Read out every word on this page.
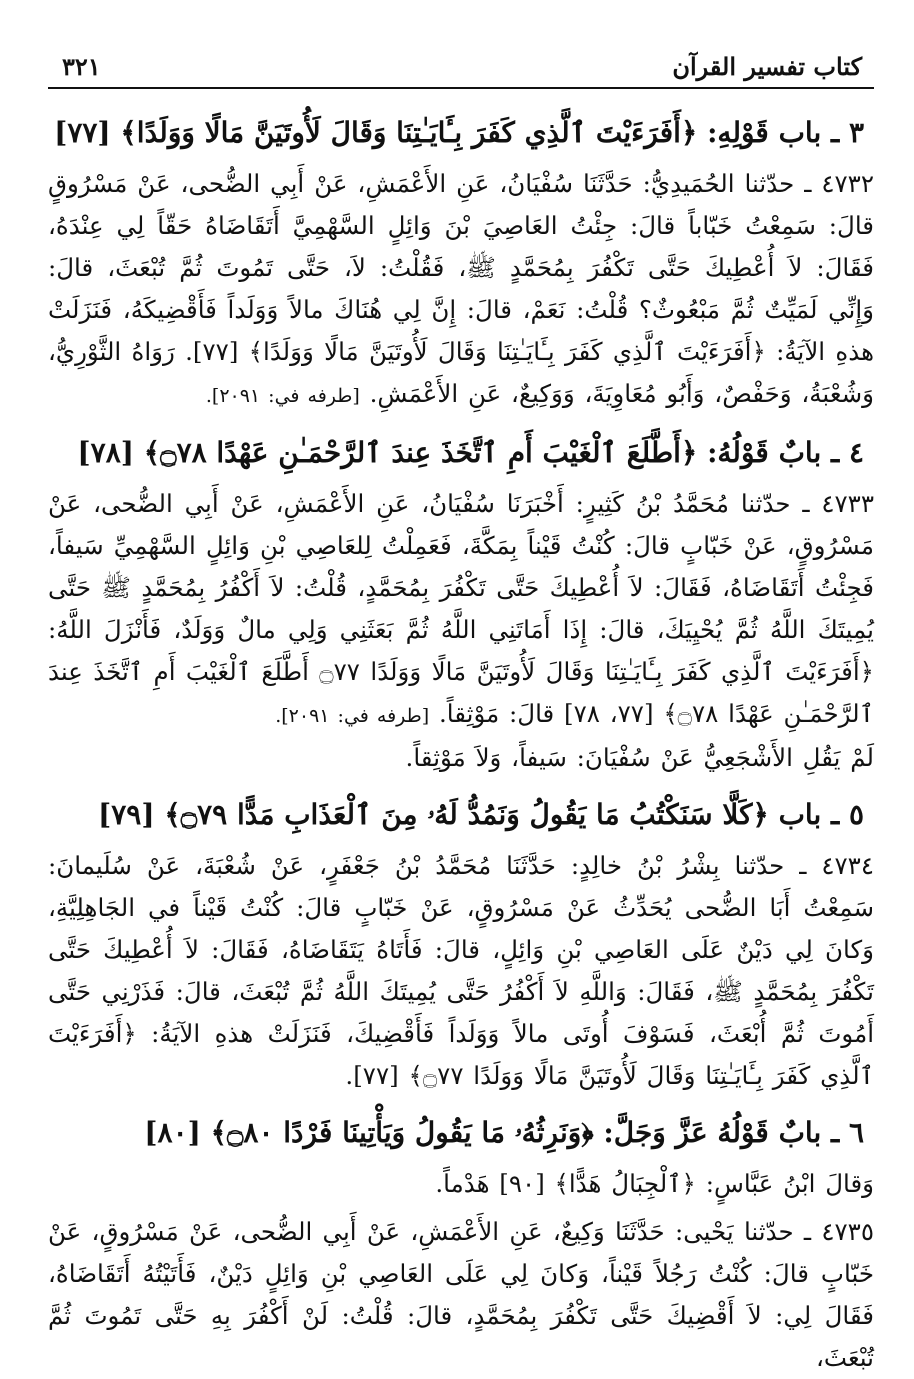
كتاب تفسير القرآن
٣٢١
٣ ـ باب قَوْلِهِ: ﴿أَفَرَءَيْتَ ٱلَّذِي كَفَرَ بِـَٔايَـٰتِنَا وَقَالَ لَأُوتَيَنَّ مَالًا وَوَلَدًا﴾ [٧٧]

٤٧٣٢ ـ حدّثنا الحُمَيدِيُّ: حَدَّثَنَا سُفْيَانُ، عَنِ الأَعْمَشِ، عَنْ أَبِي الضُّحى، عَنْ مَسْرُوقٍ قالَ: سَمِعْتُ خَبّاباً قالَ: جِئْتُ العَاصِيَ بْنَ وَائِلٍ السَّهْمِيَّ أَتَقَاضَاهُ حَقّاً لِي عِنْدَهُ، فَقَالَ: لاَ أُعْطِيكَ حَتَّى تَكْفُرَ بِمُحَمَّدٍ ﷺ، فَقُلْتُ: لاَ، حَتَّى تَمُوتَ ثُمَّ تُبْعَثَ، قالَ: وَإِنِّي لَمَيِّتٌ ثُمَّ مَبْعُوثٌ؟ قُلْتُ: نَعَمْ، قالَ: إِنَّ لِي هُنَاكَ مالاً وَوَلَداً فَأَقْضِيكَهُ، فَنَزَلَتْ هذهِ الآيَةُ: ﴿أَفَرَءَيْتَ ٱلَّذِي كَفَرَ بِـَٔايَـٰتِنَا وَقَالَ لَأُوتَيَنَّ مَالًا وَوَلَدًا﴾ [٧٧]. رَوَاهُ الثَّوْرِيُّ، وَشُعْبَةُ، وَحَفْصٌ، وَأَبُو مُعَاوِيَةَ، وَوَكِيعٌ، عَنِ الأَعْمَشِ. [طرفه في: ٢٠٩١].

٤ ـ بابٌ قَوْلُهُ: ﴿أَطَّلَعَ ٱلْغَيْبَ أَمِ ٱتَّخَذَ عِندَ ٱلرَّحْمَـٰنِ عَهْدًا ۝٧٨﴾ [٧٨]

٤٧٣٣ ـ حدّثنا مُحَمَّدُ بْنُ كَثِيرٍ: أَخْبَرَنَا سُفْيَانُ، عَنِ الأَعْمَشِ، عَنْ أَبِي الضُّحى، عَنْ مَسْرُوقٍ، عَنْ خَبّابٍ قالَ: كُنْتُ قَيْناً بِمَكَّةَ، فَعَمِلْتُ لِلعَاصِي بْنِ وَائِلٍ السَّهْمِيِّ سَيفاً، فَجِئْتُ أَتَقَاضَاهُ، فَقَالَ: لاَ أُعْطِيكَ حَتَّى تَكْفُرَ بِمُحَمَّدٍ، قُلْتُ: لاَ أَكْفُرُ بِمُحَمَّدٍ ﷺ حَتَّى يُمِيتَكَ اللَّهُ ثُمَّ يُحْيِيَكَ، قالَ: إِذَا أَمَاتَنِي اللَّهُ ثُمَّ بَعَثَنِي وَلِي مالٌ وَوَلَدٌ، فَأَنْزَلَ اللَّهُ: ﴿أَفَرَءَيْتَ ٱلَّذِي كَفَرَ بِـَٔايَـٰتِنَا وَقَالَ لَأُوتَيَنَّ مَالًا وَوَلَدًا ۝٧٧ أَطَّلَعَ ٱلْغَيْبَ أَمِ ٱتَّخَذَ عِندَ ٱلرَّحْمَـٰنِ عَهْدًا ۝٧٨﴾ [٧٧، ٧٨] قالَ: مَوْثِقاً. [طرفه في: ٢٠٩١].

لَمْ يَقُلِ الأَشْجَعِيُّ عَنْ سُفْيَانَ: سَيفاً، وَلاَ مَوْثِقاً.

٥ ـ باب ﴿كَلَّا سَنَكْتُبُ مَا يَقُولُ وَنَمُدُّ لَهُۥ مِنَ ٱلْعَذَابِ مَدًّا ۝٧٩﴾ [٧٩]

٤٧٣٤ ـ حدّثنا بِشْرُ بْنُ خالِدٍ: حَدَّثَنَا مُحَمَّدُ بْنُ جَعْفَرٍ، عَنْ شُعْبَةَ، عَنْ سُلَيمانَ: سَمِعْتُ أَبَا الضُّحى يُحَدِّثُ عَنْ مَسْرُوقٍ، عَنْ خَبّابٍ قالَ: كُنْتُ قَيْناً في الجَاهِلِيَّةِ، وَكانَ لِي دَيْنٌ عَلَى العَاصِي بْنِ وَائِلٍ، قالَ: فَأَتَاهُ يَتَقَاضَاهُ، فَقَالَ: لاَ أُعْطِيكَ حَتَّى تَكْفُرَ بِمُحَمَّدٍ ﷺ، فَقَالَ: وَاللَّهِ لاَ أَكْفُرُ حَتَّى يُمِيتَكَ اللَّهُ ثُمَّ تُبْعَثَ، قالَ: فَذَرْنِي حَتَّى أَمُوتَ ثُمَّ أُبْعَثَ، فَسَوْفَ أُوتَى مالاً وَوَلَداً فَأَقْضِيكَ، فَنَزَلَتْ هذهِ الآيَةُ: ﴿أَفَرَءَيْتَ ٱلَّذِي كَفَرَ بِـَٔايَـٰتِنَا وَقَالَ لَأُوتَيَنَّ مَالًا وَوَلَدًا ۝٧٧﴾ [٧٧].

٦ ـ بابٌ قَوْلُهُ عَزَّ وَجَلَّ: ﴿وَنَرِثُهُۥ مَا يَقُولُ وَيَأْتِينَا فَرْدًا ۝٨٠﴾ [٨٠]

وَقالَ ابْنُ عَبَّاسٍ: ﴿ٱلْجِبَالُ هَدًّا﴾ [٩٠] هَدْماً.

٤٧٣٥ ـ حدّثنا يَحْيى: حَدَّثَنَا وَكِيعٌ، عَنِ الأَعْمَشِ، عَنْ أَبِي الضُّحى، عَنْ مَسْرُوقٍ، عَنْ خَبّابٍ قالَ: كُنْتُ رَجُلاً قَيْناً، وَكانَ لِي عَلَى العَاصِي بْنِ وَائِلٍ دَيْنٌ، فَأَتَيْتُهُ أَتَقَاضَاهُ، فَقَالَ لِي: لاَ أَقْضِيكَ حَتَّى تَكْفُرَ بِمُحَمَّدٍ، قالَ: قُلْتُ: لَنْ أَكْفُرَ بِهِ حَتَّى تَمُوتَ ثُمَّ تُبْعَثَ،
